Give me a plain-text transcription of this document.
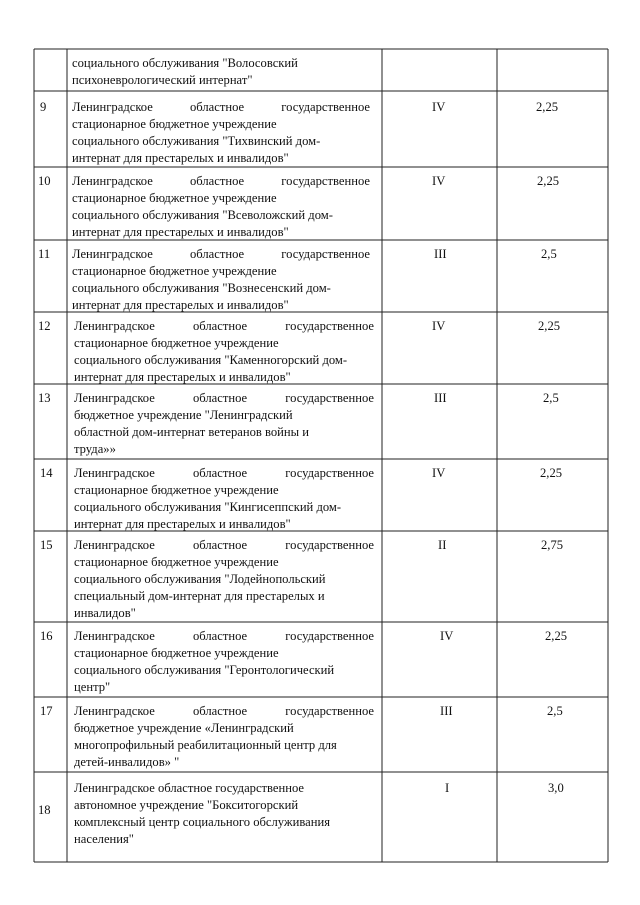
социального обслуживания "Волосовский
психоневрологический интернат"
9 Ленинградское	областное	государственное
стационарное бюджетное учреждение
социального обслуживания "Тихвинский дом-
интернат для престарелых и инвалидов"
IV	2,25
10 Ленинградское	областное	государственное
стационарное бюджетное учреждение
социального обслуживания "Всеволожский дом-
интернат для престарелых и инвалидов"
IV	2,25
11 Ленинградское	областное	государственное
стационарное бюджетное учреждение
социального обслуживания "Вознесенский дом-
интернат для престарелых и инвалидов"
III	2,5
12 Ленинградское	областное	государственное
стационарное бюджетное учреждение
социального обслуживания "Каменногорский дом-
интернат для престарелых и инвалидов"
IV	2,25
13 Ленинградское	областное	государственное
бюджетное учреждение "Ленинградский
областной дом-интернат ветеранов войны и
труда»»
III	2,5
14 Ленинградское	областное	государственное
стационарное бюджетное учреждение
социального обслуживания "Кингисеппский дом-
интернат для престарелых и инвалидов"
IV	2,25
15 Ленинградское	областное	государственное
стационарное бюджетное учреждение
социального обслуживания "Лодейнопольский
специальный дом-интернат для престарелых и
инвалидов"
II	2,75
16 Ленинградское	областное	государственное
стационарное бюджетное учреждение
социального обслуживания "Геронтологический
центр"
IV	2,25
17 Ленинградское	областное	государственное
бюджетное учреждение «Ленинградский
многопрофильный реабилитационный центр для
детей-инвалидов» "
III	2,5
18
Ленинградское областное государственное
автономное учреждение "Бокситогорский
комплексный центр социального обслуживания
населения"
I	3,0
